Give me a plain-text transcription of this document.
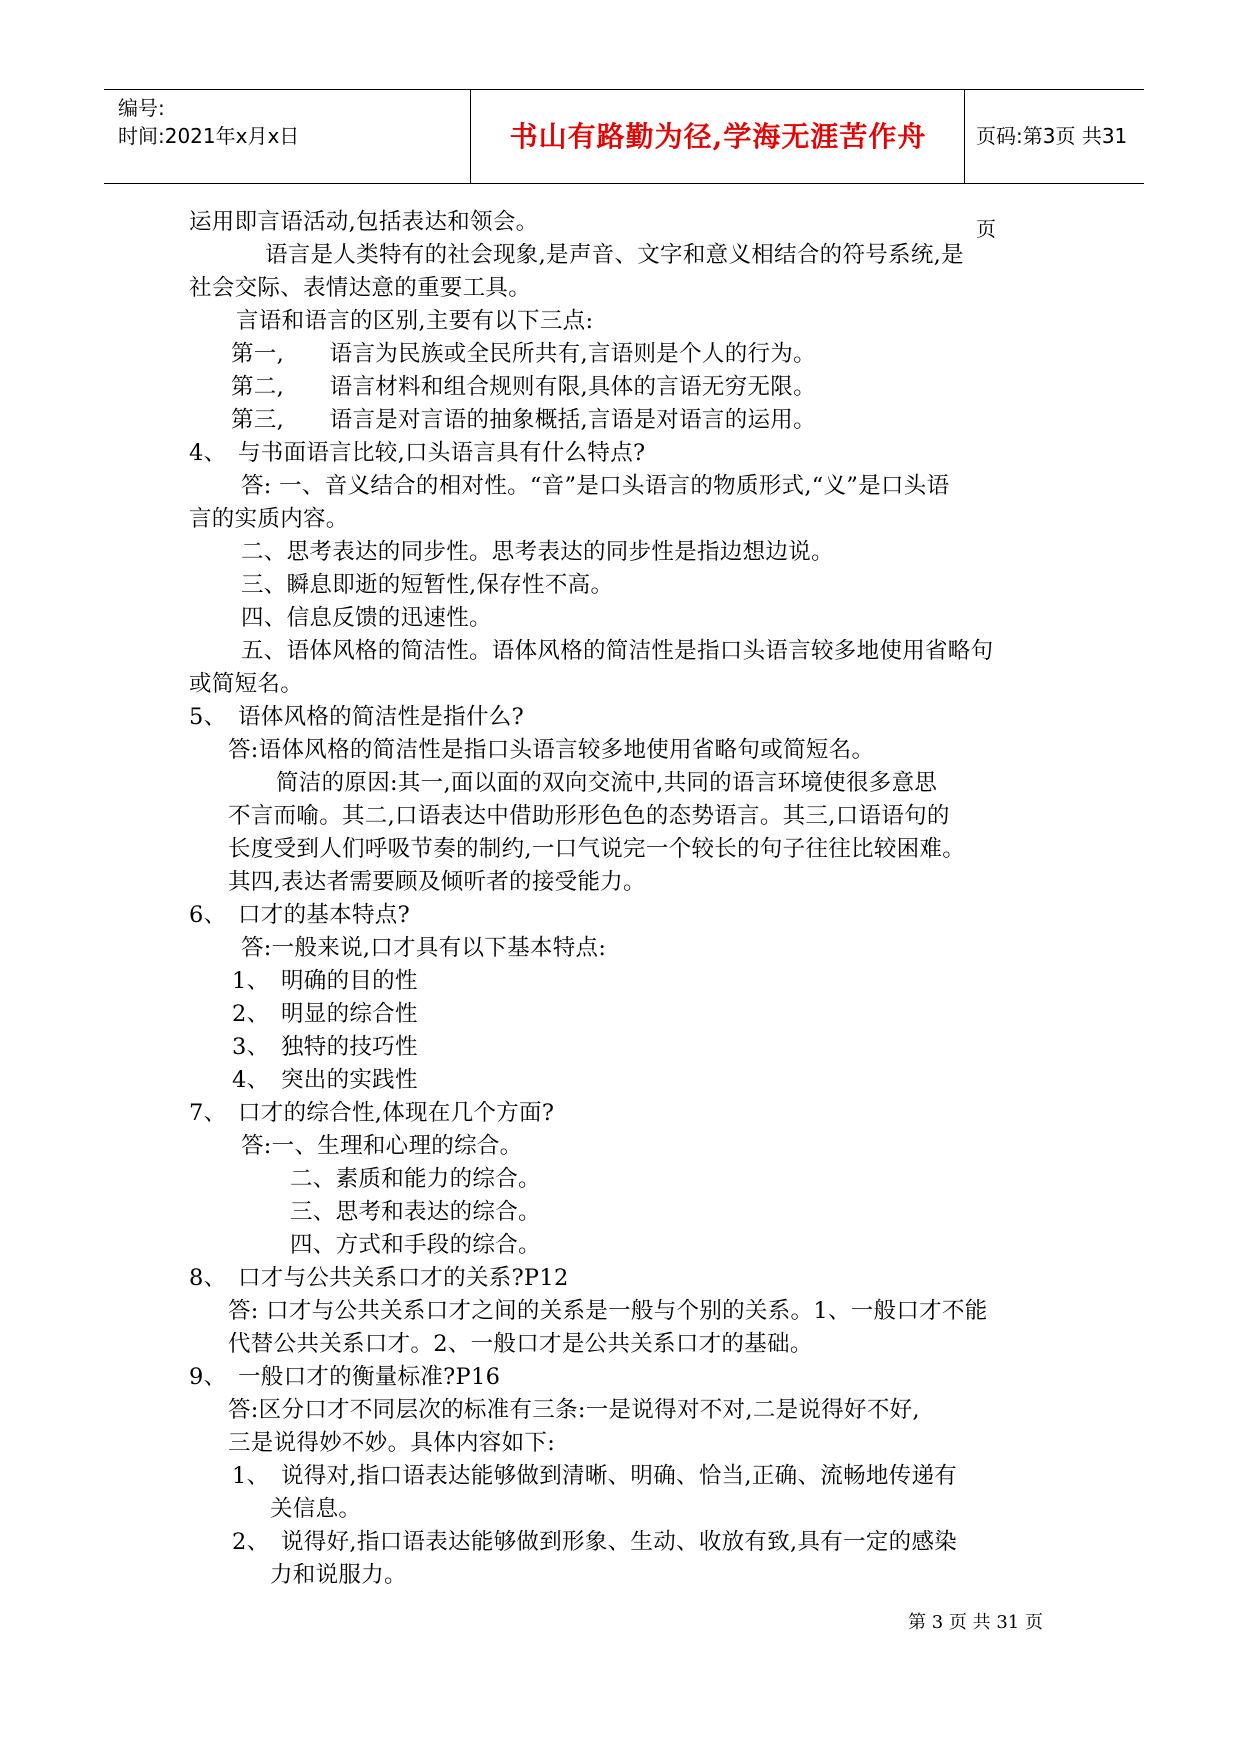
编号:
时间:2021年x月x日	书山有路勤为径,学海无涯苦作舟	页码:第3页 共31页
运用即言语活动,包括表达和领会。
语言是人类特有的社会现象,是声音、文字和意义相结合的符号系统,是
社会交际、表情达意的重要工具。
言语和语言的区别,主要有以下三点:
第一,　　语言为民族或全民所共有,言语则是个人的行为。
第二,　　语言材料和组合规则有限,具体的言语无穷无限。
第三,　　语言是对言语的抽象概括,言语是对语言的运用。
4、　与书面语言比较,口头语言具有什么特点?
答: 一、音义结合的相对性。“音”是口头语言的物质形式,“义”是口头语
言的实质内容。
二、思考表达的同步性。思考表达的同步性是指边想边说。
三、瞬息即逝的短暂性,保存性不高。
四、信息反馈的迅速性。
五、语体风格的简洁性。语体风格的简洁性是指口头语言较多地使用省略句
或简短名。
5、　语体风格的简洁性是指什么?
答:语体风格的简洁性是指口头语言较多地使用省略句或简短名。
简洁的原因:其一,面以面的双向交流中,共同的语言环境使很多意思
不言而喻。其二,口语表达中借助形形色色的态势语言。其三,口语语句的
长度受到人们呼吸节奏的制约,一口气说完一个较长的句子往往比较困难。
其四,表达者需要顾及倾听者的接受能力。
6、　口才的基本特点?
答:一般来说,口才具有以下基本特点:
1、　明确的目的性
2、　明显的综合性
3、　独特的技巧性
4、　突出的实践性
7、　口才的综合性,体现在几个方面?
答:一、生理和心理的综合。
二、素质和能力的综合。
三、思考和表达的综合。
四、方式和手段的综合。
8、　口才与公共关系口才的关系?P12
答: 口才与公共关系口才之间的关系是一般与个别的关系。1、一般口才不能
代替公共关系口才。2、一般口才是公共关系口才的基础。
9、　一般口才的衡量标准?P16
答:区分口才不同层次的标准有三条:一是说得对不对,二是说得好不好,
三是说得妙不妙。具体内容如下:
1、　说得对,指口语表达能够做到清晰、明确、恰当,正确、流畅地传递有
关信息。
2、　说得好,指口语表达能够做到形象、生动、收放有致,具有一定的感染
力和说服力。
第 3 页 共 31 页
